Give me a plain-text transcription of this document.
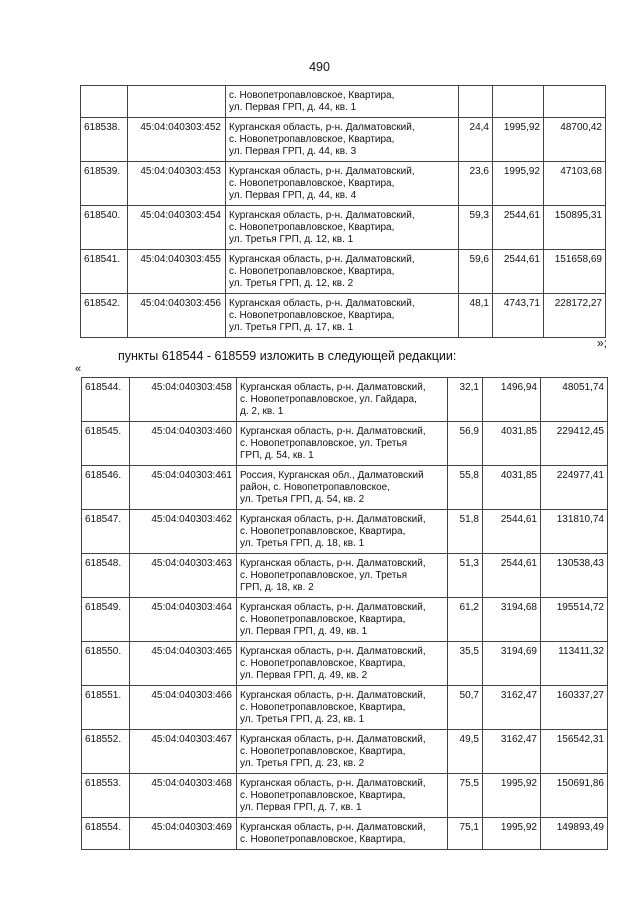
490
		с. Новопетропавловское, Квартира,
ул. Первая ГРП, д. 44, кв. 1			
618538.	45:04:040303:452	Курганская область, р-н. Далматовский,
с. Новопетропавловское, Квартира,
ул. Первая ГРП, д. 44, кв. 3	24,4	1995,92	48700,42
618539.	45:04:040303:453	Курганская область, р-н. Далматовский,
с. Новопетропавловское, Квартира,
ул. Первая ГРП, д. 44, кв. 4	23,6	1995,92	47103,68
618540.	45:04:040303:454	Курганская область, р-н. Далматовский,
с. Новопетропавловское, Квартира,
ул. Третья ГРП, д. 12, кв. 1	59,3	2544,61	150895,31
618541.	45:04:040303:455	Курганская область, р-н. Далматовский,
с. Новопетропавловское, Квартира,
ул. Третья ГРП, д. 12, кв. 2	59,6	2544,61	151658,69
618542.	45:04:040303:456	Курганская область, р-н. Далматовский,
с. Новопетропавловское, Квартира,
ул. Третья ГРП, д. 17, кв. 1	48,1	4743,71	228172,27
»;
пункты 618544 - 618559 изложить в следующей редакции:
«
618544.	45:04:040303:458	Курганская область, р-н. Далматовский,
с. Новопетропавловское, ул. Гайдара,
д. 2, кв. 1	32,1	1496,94	48051,74
618545.	45:04:040303:460	Курганская область, р-н. Далматовский,
с. Новопетропавловское, ул. Третья
ГРП, д. 54, кв. 1	56,9	4031,85	229412,45
618546.	45:04:040303:461	Россия, Курганская обл., Далматовский
район, с. Новопетропавловское,
ул. Третья ГРП, д. 54, кв. 2	55,8	4031,85	224977,41
618547.	45:04:040303:462	Курганская область, р-н. Далматовский,
с. Новопетропавловское, Квартира,
ул. Третья ГРП, д. 18, кв. 1	51,8	2544,61	131810,74
618548.	45:04:040303:463	Курганская область, р-н. Далматовский,
с. Новопетропавловское, ул. Третья
ГРП, д. 18, кв. 2	51,3	2544,61	130538,43
618549.	45:04:040303:464	Курганская область, р-н. Далматовский,
с. Новопетропавловское, Квартира,
ул. Первая ГРП, д. 49, кв. 1	61,2	3194,68	195514,72
618550.	45:04:040303:465	Курганская область, р-н. Далматовский,
с. Новопетропавловское, Квартира,
ул. Первая ГРП, д. 49, кв. 2	35,5	3194,69	113411,32
618551.	45:04:040303:466	Курганская область, р-н. Далматовский,
с. Новопетропавловское, Квартира,
ул. Третья ГРП, д. 23, кв. 1	50,7	3162,47	160337,27
618552.	45:04:040303:467	Курганская область, р-н. Далматовский,
с. Новопетропавловское, Квартира,
ул. Третья ГРП, д. 23, кв. 2	49,5	3162,47	156542,31
618553.	45:04:040303:468	Курганская область, р-н. Далматовский,
с. Новопетропавловское, Квартира,
ул. Первая ГРП, д. 7, кв. 1	75,5	1995,92	150691,86
618554.	45:04:040303:469	Курганская область, р-н. Далматовский,
с. Новопетропавловское, Квартира,	75,1	1995,92	149893,49
